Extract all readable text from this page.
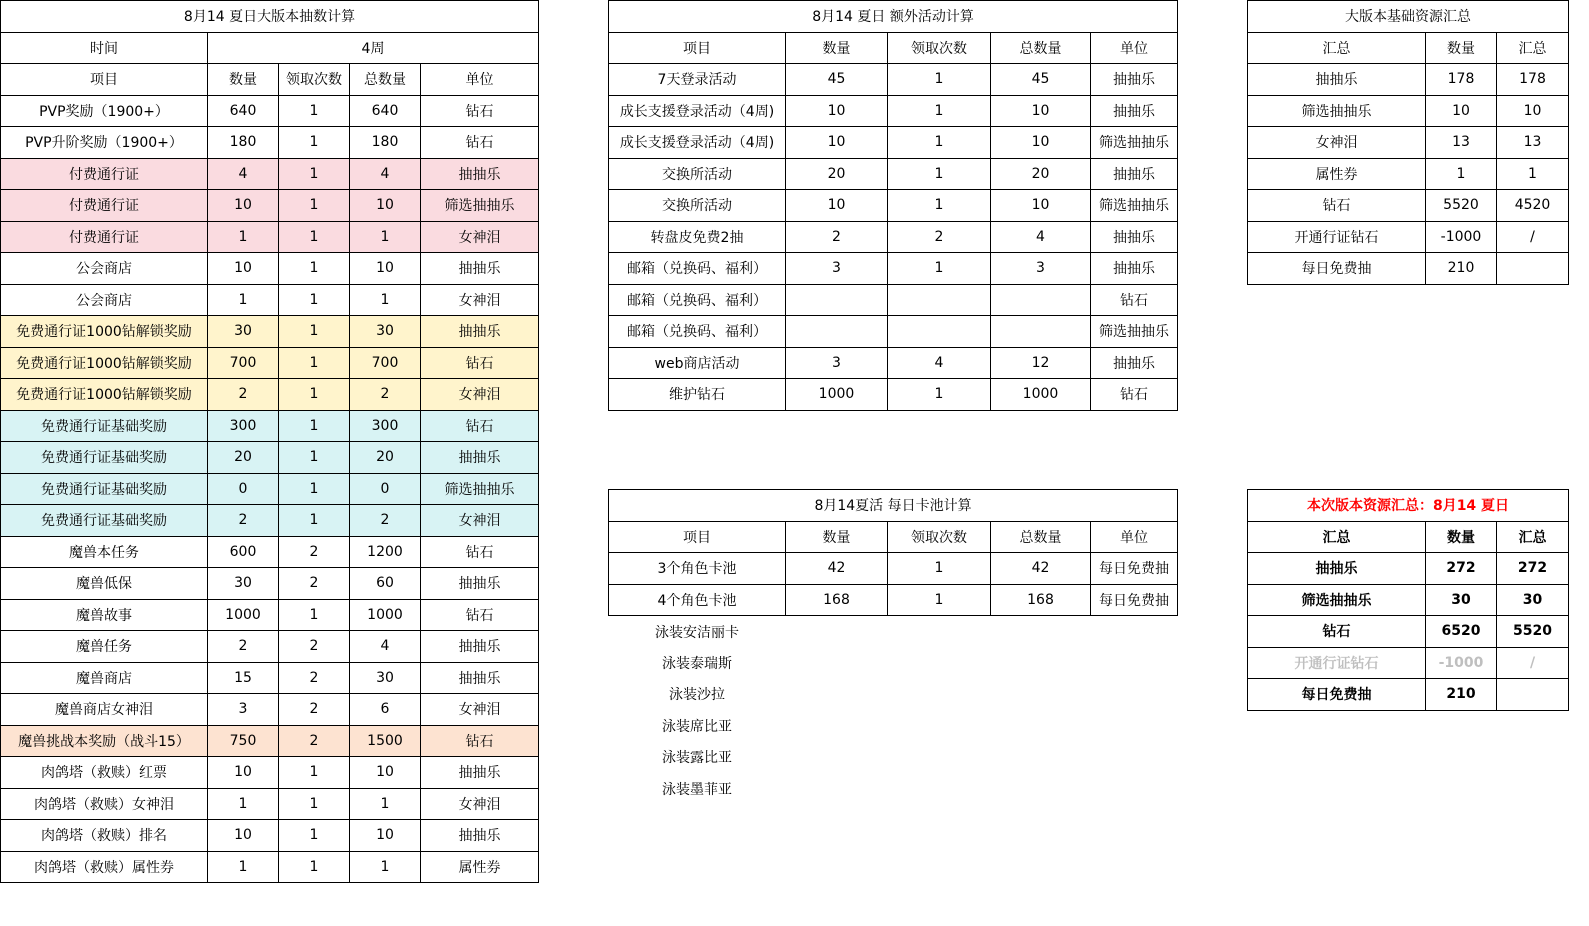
8月14 夏日大版本抽数计算				
时间	4周			
项目	数量	领取次数	总数量	单位
PVP奖励（1900+）	640	1	640	钻石
PVP升阶奖励（1900+）	180	1	180	钻石
付费通行证	4	1	4	抽抽乐
付费通行证	10	1	10	筛选抽抽乐
付费通行证	1	1	1	女神泪
公会商店	10	1	10	抽抽乐
公会商店	1	1	1	女神泪
免费通行证1000钻解锁奖励	30	1	30	抽抽乐
免费通行证1000钻解锁奖励	700	1	700	钻石
免费通行证1000钻解锁奖励	2	1	2	女神泪
免费通行证基础奖励	300	1	300	钻石
免费通行证基础奖励	20	1	20	抽抽乐
免费通行证基础奖励	0	1	0	筛选抽抽乐
免费通行证基础奖励	2	1	2	女神泪
魔兽本任务	600	2	1200	钻石
魔兽低保	30	2	60	抽抽乐
魔兽故事	1000	1	1000	钻石
魔兽任务	2	2	4	抽抽乐
魔兽商店	15	2	30	抽抽乐
魔兽商店女神泪	3	2	6	女神泪
魔兽挑战本奖励（战斗15）	750	2	1500	钻石
肉鸽塔（救赎）红票	10	1	10	抽抽乐
肉鸽塔（救赎）女神泪	1	1	1	女神泪
肉鸽塔（救赎）排名	10	1	10	抽抽乐
肉鸽塔（救赎）属性券	1	1	1	属性券
8月14 夏日 额外活动计算				
项目	数量	领取次数	总数量	单位
7天登录活动	45	1	45	抽抽乐
成长支援登录活动（4周)	10	1	10	抽抽乐
成长支援登录活动（4周)	10	1	10	筛选抽抽乐
交换所活动	20	1	20	抽抽乐
交换所活动	10	1	10	筛选抽抽乐
转盘皮免费2抽	2	2	4	抽抽乐
邮箱（兑换码、福利）	3	1	3	抽抽乐
邮箱（兑换码、福利）				钻石
邮箱（兑换码、福利）				筛选抽抽乐
web商店活动	3	4	12	抽抽乐
维护钻石	1000	1	1000	钻石
8月14夏活 每日卡池计算				
项目	数量	领取次数	总数量	单位
3个角色卡池	42	1	42	每日免费抽
4个角色卡池	168	1	168	每日免费抽
泳装安洁丽卡				
泳装泰瑞斯				
泳装沙拉				
泳装席比亚				
泳装露比亚				
泳装墨菲亚				
大版本基础资源汇总		
汇总	数量	汇总
抽抽乐	178	178
筛选抽抽乐	10	10
女神泪	13	13
属性券	1	1
钻石	5520	4520
开通行证钻石	-1000	/
每日免费抽	210	
本次版本资源汇总：8月14 夏日		
汇总	数量	汇总
抽抽乐	272	272
筛选抽抽乐	30	30
钻石	6520	5520
开通行证钻石	-1000	/
每日免费抽	210	
